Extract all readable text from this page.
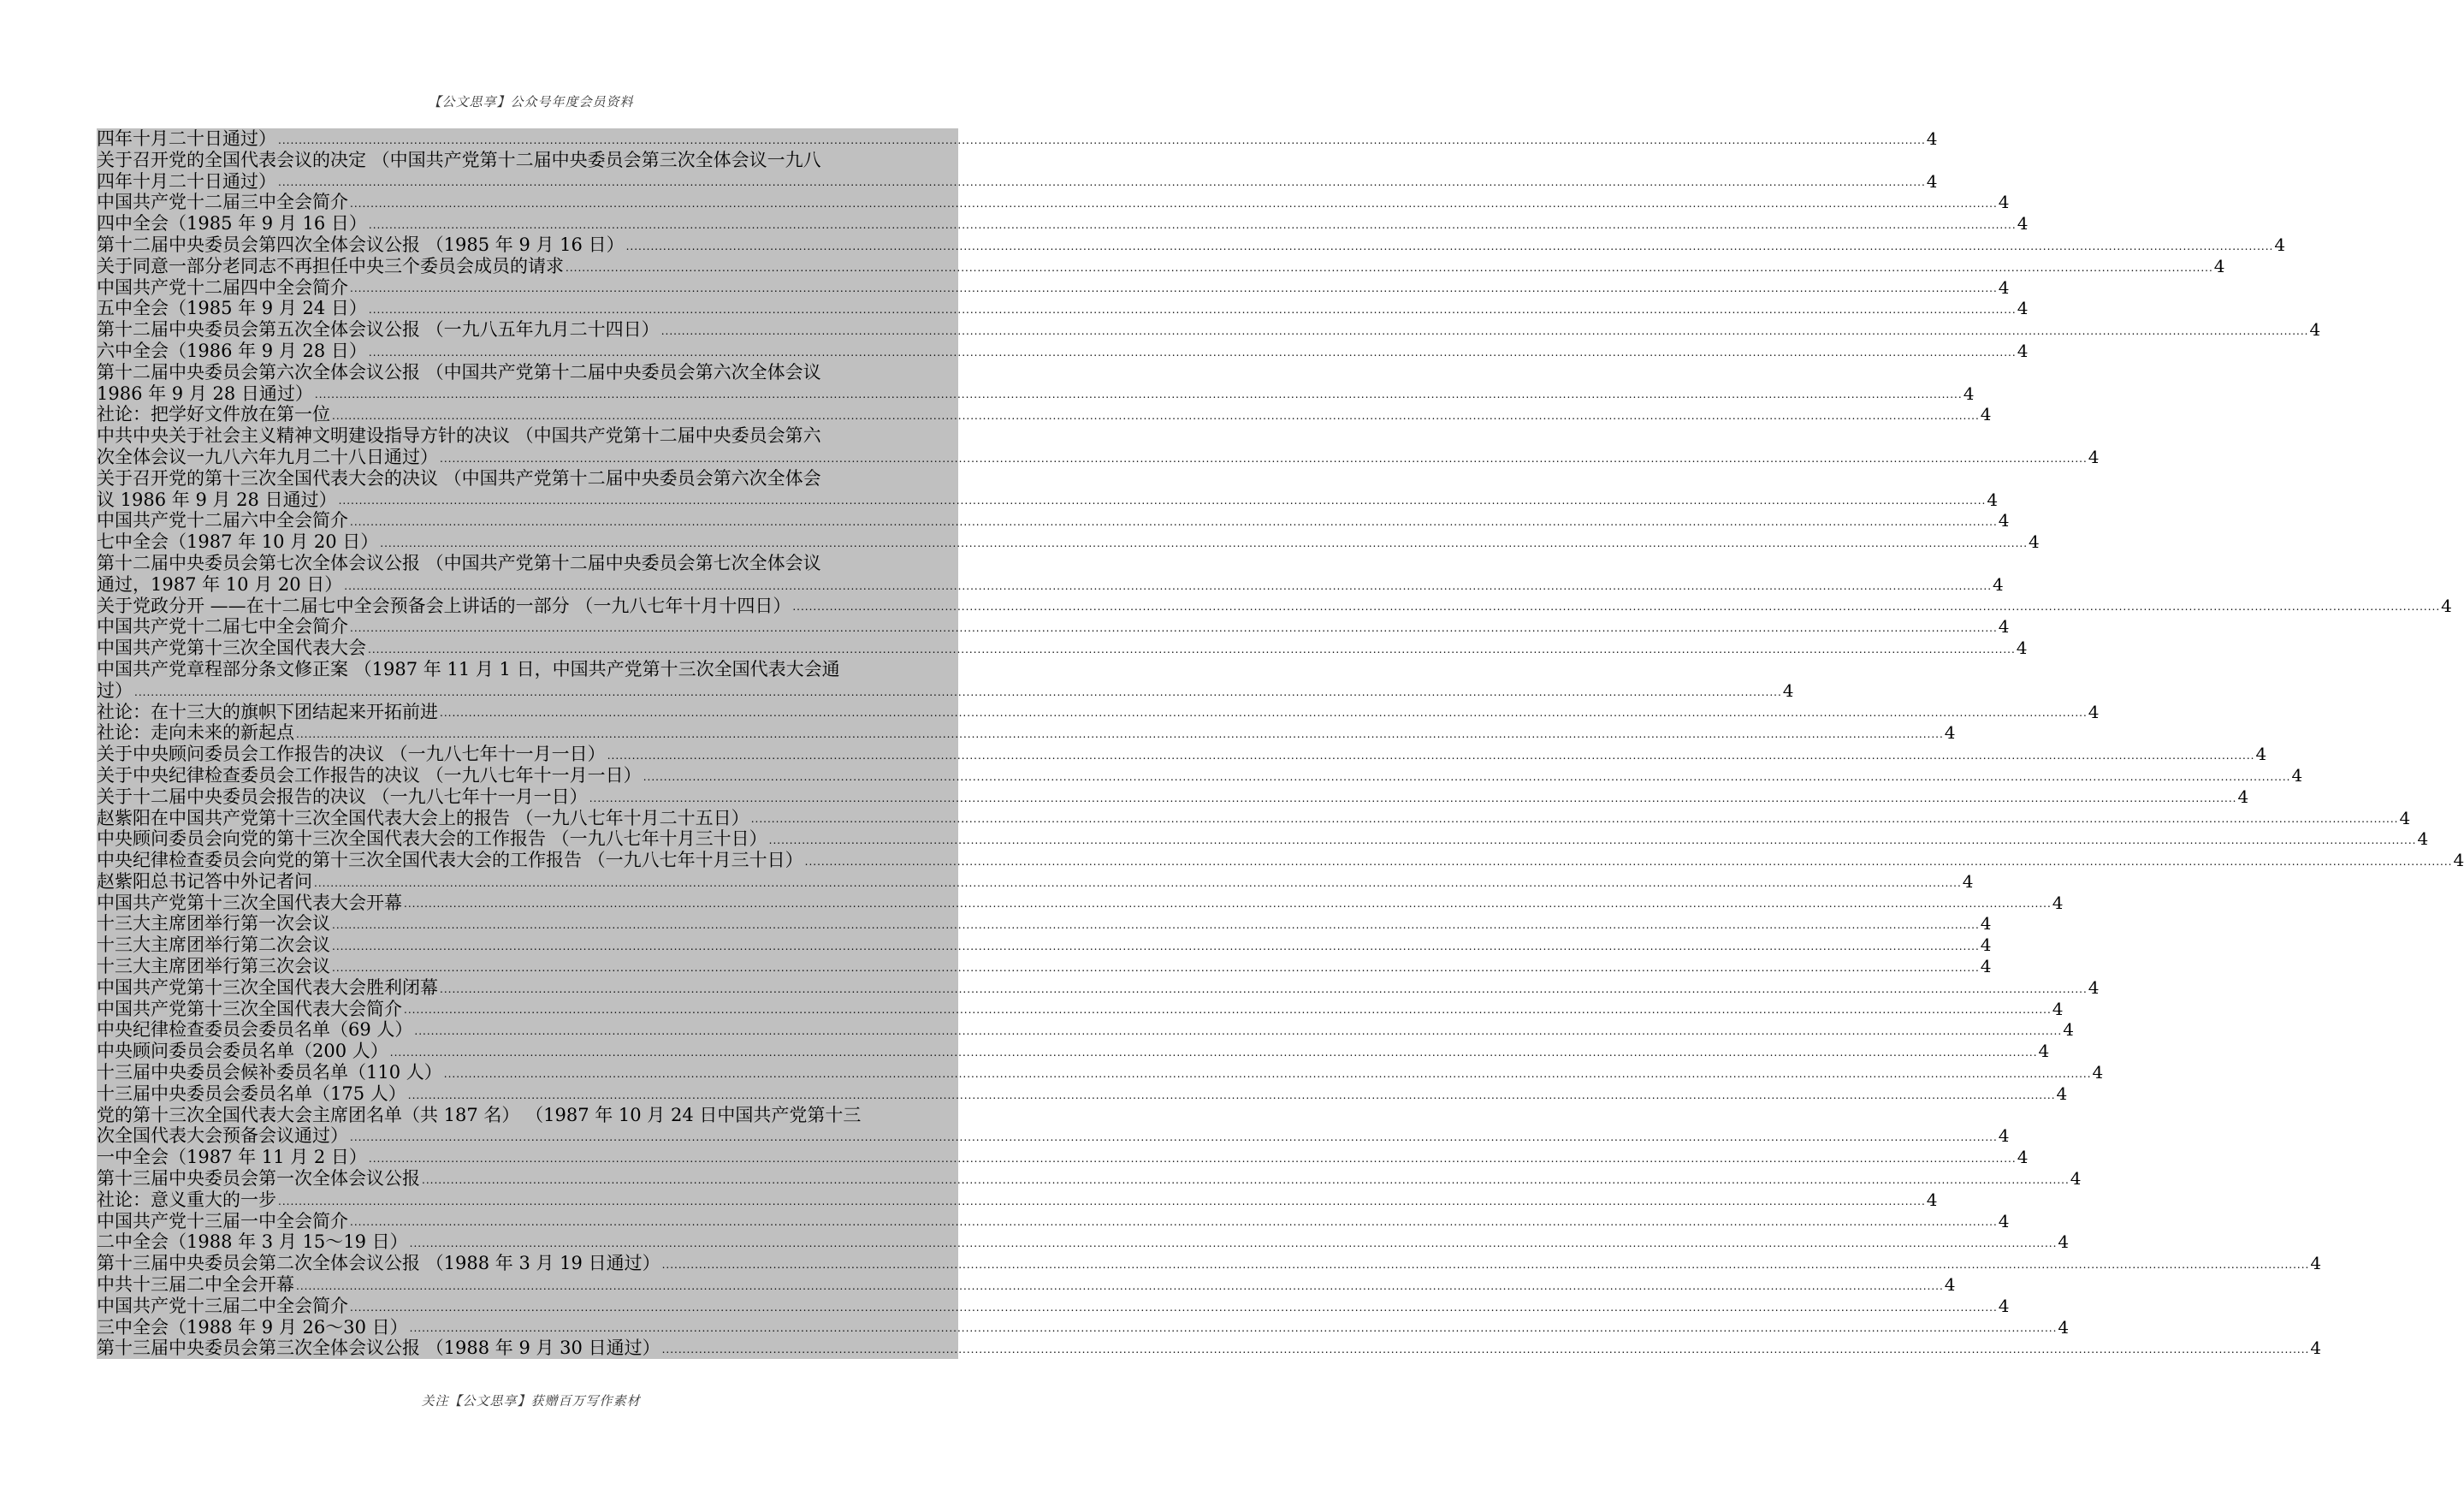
【公文思享】公众号年度会员资料
四年十月二十日通过） ................................................................................................................................................................................................................................................................................................................................................................................................................ 4
关于召开党的全国代表会议的决定 （中国共产党第十二届中央委员会第三次全体会议一九八
四年十月二十日通过） ................................................................................................................................................................................................................................................................................................................................................................................................................ 4
中国共产党十二届三中全会简介 ................................................................................................................................................................................................................................................................................................................................................................................................................ 4
四中全会（1985 年 9 月 16 日） ................................................................................................................................................................................................................................................................................................................................................................................................................ 4
第十二届中央委员会第四次全体会议公报 （1985 年 9 月 16 日） ................................................................................................................................................................................................................................................................................................................................................................................................................ 4
关于同意一部分老同志不再担任中央三个委员会成员的请求 ................................................................................................................................................................................................................................................................................................................................................................................................................ 4
中国共产党十二届四中全会简介 ................................................................................................................................................................................................................................................................................................................................................................................................................ 4
五中全会（1985 年 9 月 24 日） ................................................................................................................................................................................................................................................................................................................................................................................................................ 4
第十二届中央委员会第五次全体会议公报 （一九八五年九月二十四日） ................................................................................................................................................................................................................................................................................................................................................................................................................ 4
六中全会（1986 年 9 月 28 日） ................................................................................................................................................................................................................................................................................................................................................................................................................ 4
第十二届中央委员会第六次全体会议公报 （中国共产党第十二届中央委员会第六次全体会议
1986 年 9 月 28 日通过） ................................................................................................................................................................................................................................................................................................................................................................................................................ 4
社论：把学好文件放在第一位 ................................................................................................................................................................................................................................................................................................................................................................................................................ 4
中共中央关于社会主义精神文明建设指导方针的决议 （中国共产党第十二届中央委员会第六
次全体会议一九八六年九月二十八日通过） ................................................................................................................................................................................................................................................................................................................................................................................................................ 4
关于召开党的第十三次全国代表大会的决议 （中国共产党第十二届中央委员会第六次全体会
议 1986 年 9 月 28 日通过） ................................................................................................................................................................................................................................................................................................................................................................................................................ 4
中国共产党十二届六中全会简介 ................................................................................................................................................................................................................................................................................................................................................................................................................ 4
七中全会（1987 年 10 月 20 日） ................................................................................................................................................................................................................................................................................................................................................................................................................ 4
第十二届中央委员会第七次全体会议公报 （中国共产党第十二届中央委员会第七次全体会议
通过，1987 年 10 月 20 日） ................................................................................................................................................................................................................................................................................................................................................................................................................ 4
关于党政分开 ——在十二届七中全会预备会上讲话的一部分 （一九八七年十月十四日） ................................................................................................................................................................................................................................................................................................................................................................................................................ 4
中国共产党十二届七中全会简介 ................................................................................................................................................................................................................................................................................................................................................................................................................ 4
中国共产党第十三次全国代表大会 ................................................................................................................................................................................................................................................................................................................................................................................................................ 4
中国共产党章程部分条文修正案 （1987 年 11 月 1 日，中国共产党第十三次全国代表大会通
过） ................................................................................................................................................................................................................................................................................................................................................................................................................ 4
社论：在十三大的旗帜下团结起来开拓前进 ................................................................................................................................................................................................................................................................................................................................................................................................................ 4
社论：走向未来的新起点 ................................................................................................................................................................................................................................................................................................................................................................................................................ 4
关于中央顾问委员会工作报告的决议 （一九八七年十一月一日） ................................................................................................................................................................................................................................................................................................................................................................................................................ 4
关于中央纪律检查委员会工作报告的决议 （一九八七年十一月一日） ................................................................................................................................................................................................................................................................................................................................................................................................................ 4
关于十二届中央委员会报告的决议 （一九八七年十一月一日） ................................................................................................................................................................................................................................................................................................................................................................................................................ 4
赵紫阳在中国共产党第十三次全国代表大会上的报告 （一九八七年十月二十五日） ................................................................................................................................................................................................................................................................................................................................................................................................................ 4
中央顾问委员会向党的第十三次全国代表大会的工作报告 （一九八七年十月三十日） ................................................................................................................................................................................................................................................................................................................................................................................................................ 4
中央纪律检查委员会向党的第十三次全国代表大会的工作报告 （一九八七年十月三十日） ................................................................................................................................................................................................................................................................................................................................................................................................................ 4
赵紫阳总书记答中外记者问 ................................................................................................................................................................................................................................................................................................................................................................................................................ 4
中国共产党第十三次全国代表大会开幕 ................................................................................................................................................................................................................................................................................................................................................................................................................ 4
十三大主席团举行第一次会议 ................................................................................................................................................................................................................................................................................................................................................................................................................ 4
十三大主席团举行第二次会议 ................................................................................................................................................................................................................................................................................................................................................................................................................ 4
十三大主席团举行第三次会议 ................................................................................................................................................................................................................................................................................................................................................................................................................ 4
中国共产党第十三次全国代表大会胜利闭幕 ................................................................................................................................................................................................................................................................................................................................................................................................................ 4
中国共产党第十三次全国代表大会简介 ................................................................................................................................................................................................................................................................................................................................................................................................................ 4
中央纪律检查委员会委员名单（69 人） ................................................................................................................................................................................................................................................................................................................................................................................................................ 4
中央顾问委员会委员名单（200 人） ................................................................................................................................................................................................................................................................................................................................................................................................................ 4
十三届中央委员会候补委员名单（110 人） ................................................................................................................................................................................................................................................................................................................................................................................................................ 4
十三届中央委员会委员名单（175 人） ................................................................................................................................................................................................................................................................................................................................................................................................................ 4
党的第十三次全国代表大会主席团名单（共 187 名） （1987 年 10 月 24 日中国共产党第十三
次全国代表大会预备会议通过） ................................................................................................................................................................................................................................................................................................................................................................................................................ 4
一中全会（1987 年 11 月 2 日） ................................................................................................................................................................................................................................................................................................................................................................................................................ 4
第十三届中央委员会第一次全体会议公报 ................................................................................................................................................................................................................................................................................................................................................................................................................ 4
社论：意义重大的一步 ................................................................................................................................................................................................................................................................................................................................................................................................................ 4
中国共产党十三届一中全会简介 ................................................................................................................................................................................................................................................................................................................................................................................................................ 4
二中全会（1988 年 3 月 15～19 日） ................................................................................................................................................................................................................................................................................................................................................................................................................ 4
第十三届中央委员会第二次全体会议公报 （1988 年 3 月 19 日通过） ................................................................................................................................................................................................................................................................................................................................................................................................................ 4
中共十三届二中全会开幕 ................................................................................................................................................................................................................................................................................................................................................................................................................ 4
中国共产党十三届二中全会简介 ................................................................................................................................................................................................................................................................................................................................................................................................................ 4
三中全会（1988 年 9 月 26～30 日） ................................................................................................................................................................................................................................................................................................................................................................................................................ 4
第十三届中央委员会第三次全体会议公报 （1988 年 9 月 30 日通过） ................................................................................................................................................................................................................................................................................................................................................................................................................ 4
关注【公文思享】获赠百万写作素材
